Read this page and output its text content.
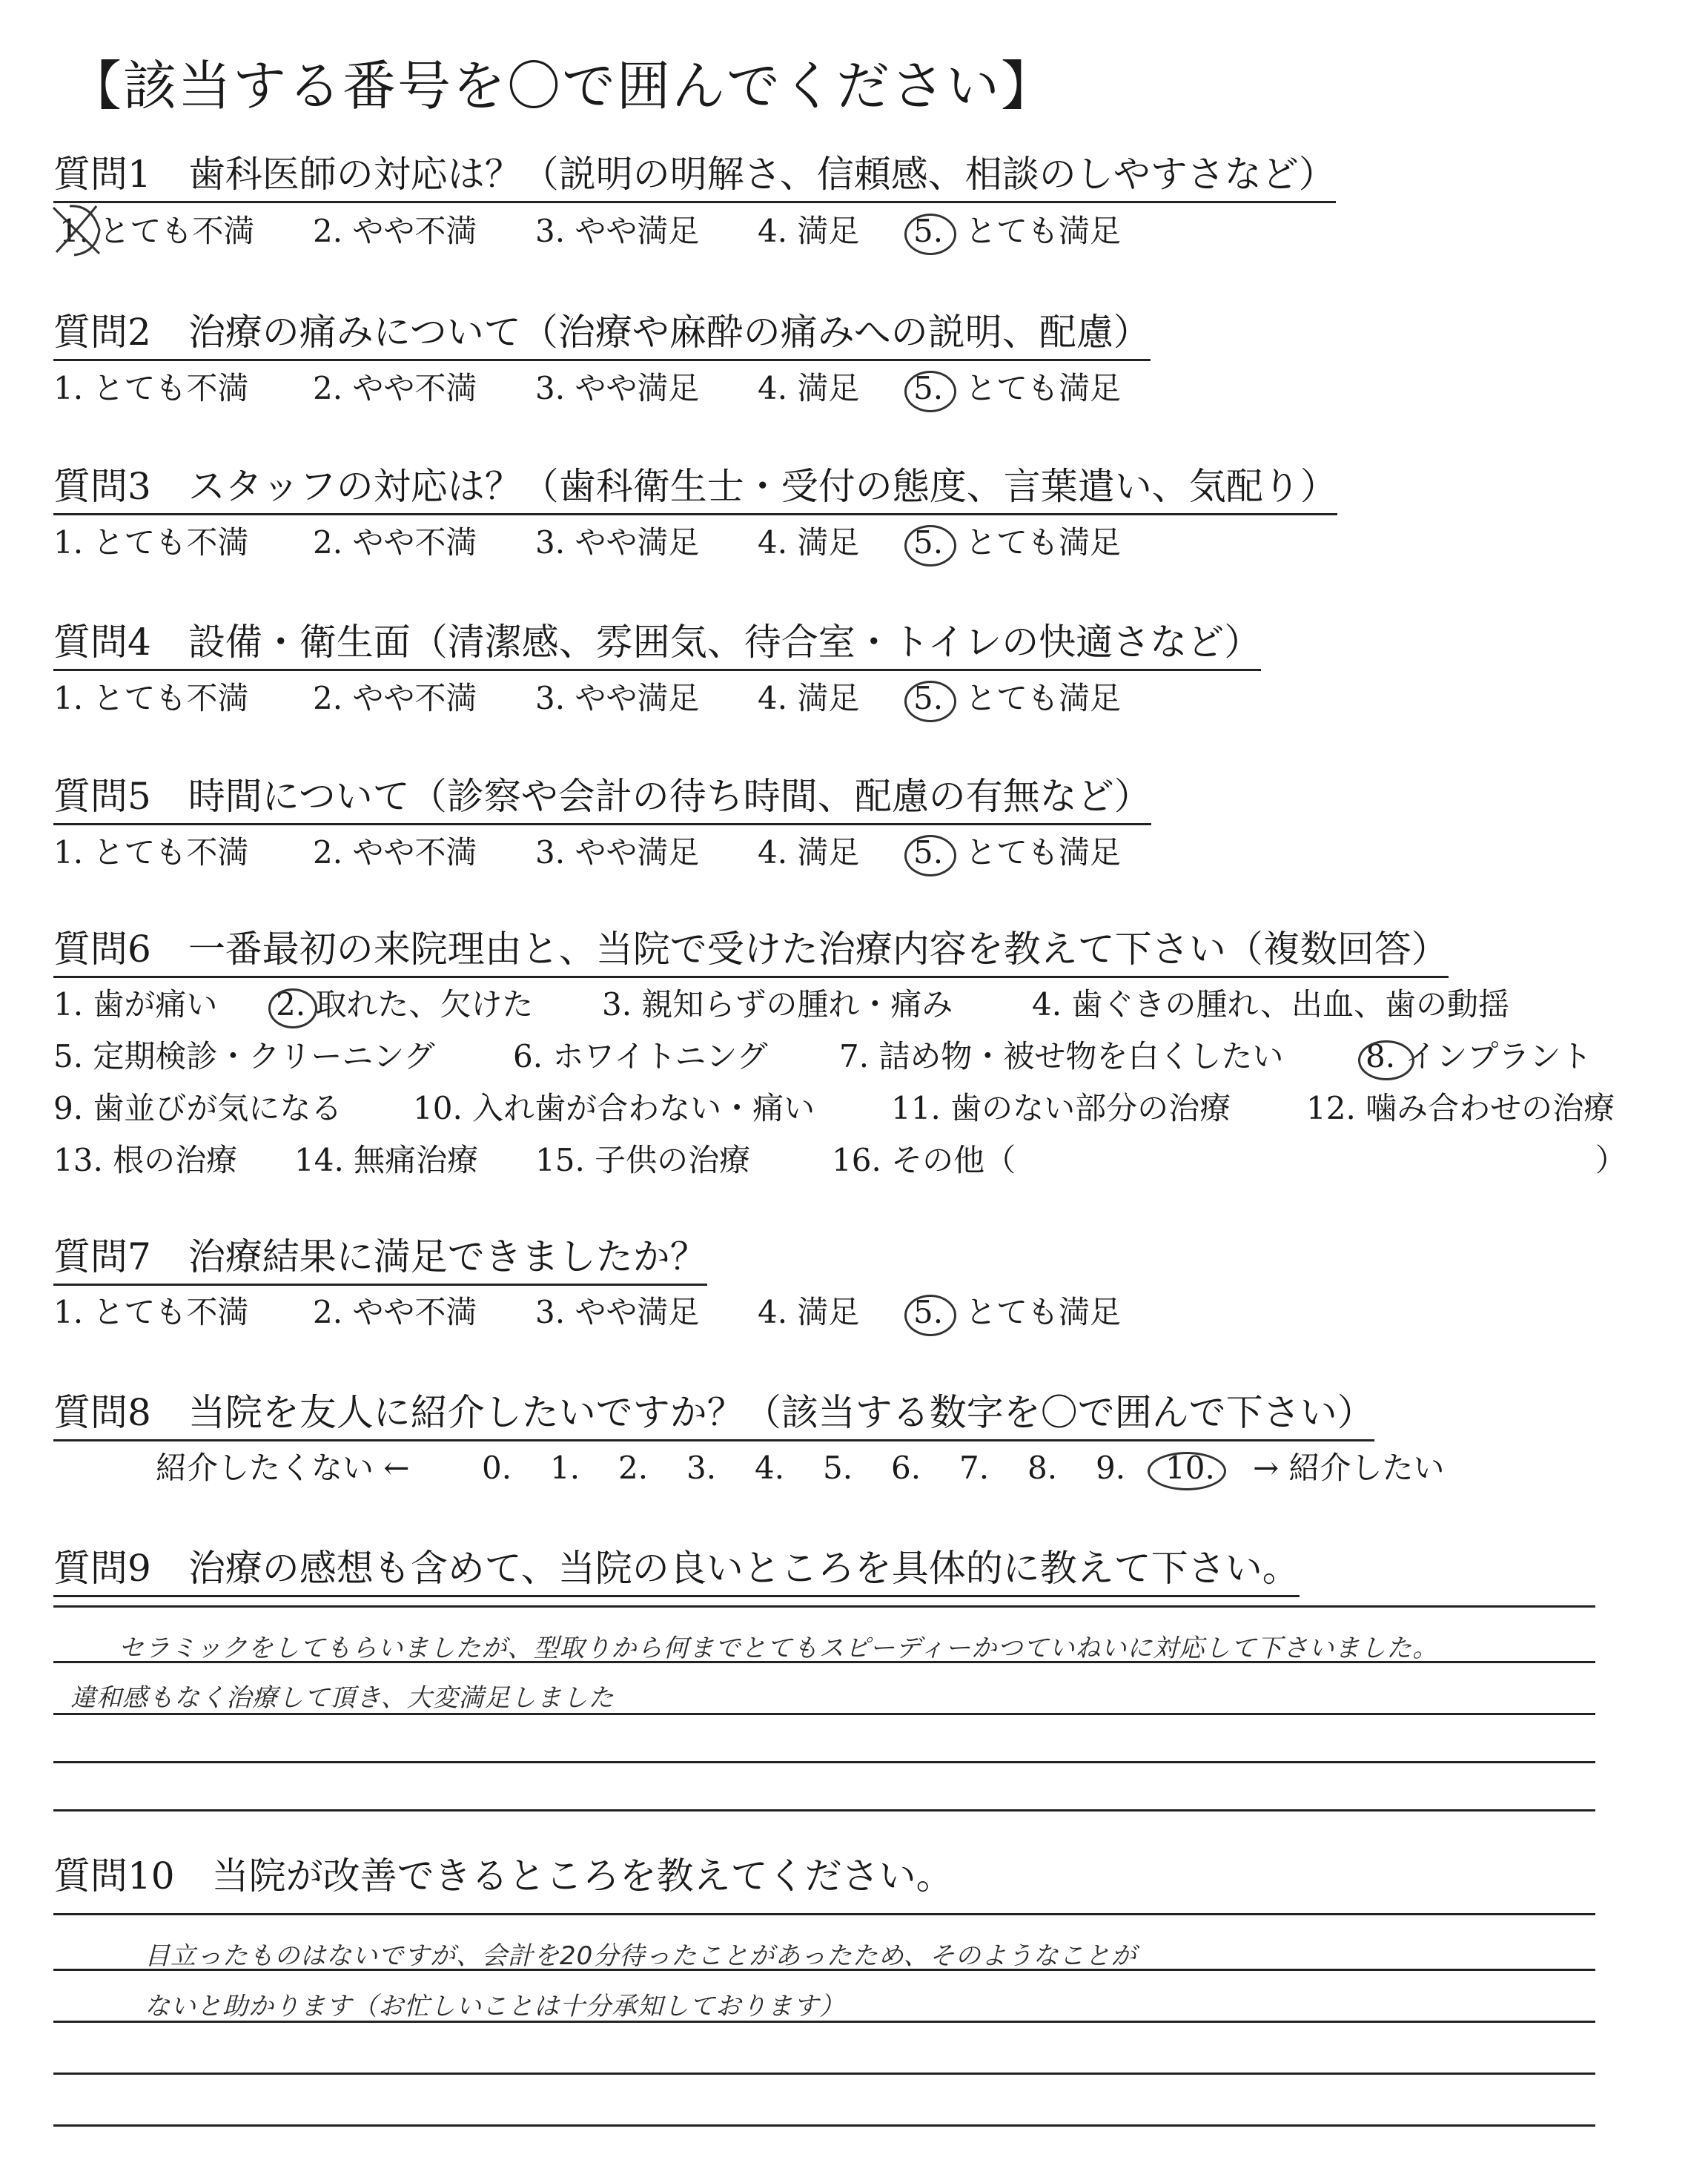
【該当する番号を〇で囲んでください】
質問1 歯科医師の対応は？（説明の明解さ、信頼感、相談のしやすさなど）
1. とても不満 2. やや不満 3. やや満足 4. 満足 5. とても満足
質問2 治療の痛みについて（治療や麻酔の痛みへの説明、配慮）
1. とても不満 2. やや不満 3. やや満足 4. 満足 5. とても満足
質問3 スタッフの対応は？（歯科衛生士・受付の態度、言葉遣い、気配り）
1. とても不満 2. やや不満 3. やや満足 4. 満足 5. とても満足
質問4 設備・衛生面（清潔感、雰囲気、待合室・トイレの快適さなど）
1. とても不満 2. やや不満 3. やや満足 4. 満足 5. とても満足
質問5 時間について（診察や会計の待ち時間、配慮の有無など）
1. とても不満 2. やや不満 3. やや満足 4. 満足 5. とても満足
質問6 一番最初の来院理由と、当院で受けた治療内容を教えて下さい（複数回答）
1. 歯が痛い 2. 取れた、欠けた 3. 親知らずの腫れ・痛み	4. 歯ぐきの腫れ、出血、歯の動揺
5. 定期検診・クリーニング	6. ホワイトニング 7. 詰め物・被せ物を白くしたい	8. インプラント
9. 歯並びが気になる 10. 入れ歯が合わない・痛い 11. 歯のない部分の治療 12. 噛み合わせの治療
13. 根の治療 14. 無痛治療 15. 子供の治療	16. その他（	）
質問7 治療結果に満足できましたか？
1. とても不満 2. やや不満 3. やや満足 4. 満足 5. とても満足
質問8 当院を友人に紹介したいですか？（該当する数字を〇で囲んで下さい）
紹介したくない ← 0. 1. 2. 3. 4. 5. 6. 7. 8. 9. 10. → 紹介したい
質問9 治療の感想も含めて、当院の良いところを具体的に教えて下さい。
セラミックをしてもらいましたが、型取りから何までとてもスピーディーかつていねいに対応して下さいました。
違和感もなく治療して頂き、大変満足しました
質問10 当院が改善できるところを教えてください。
目立ったものはないですが、会計を20分待ったことがあったため、そのようなことが
ないと助かります（お忙しいことは十分承知しております）
